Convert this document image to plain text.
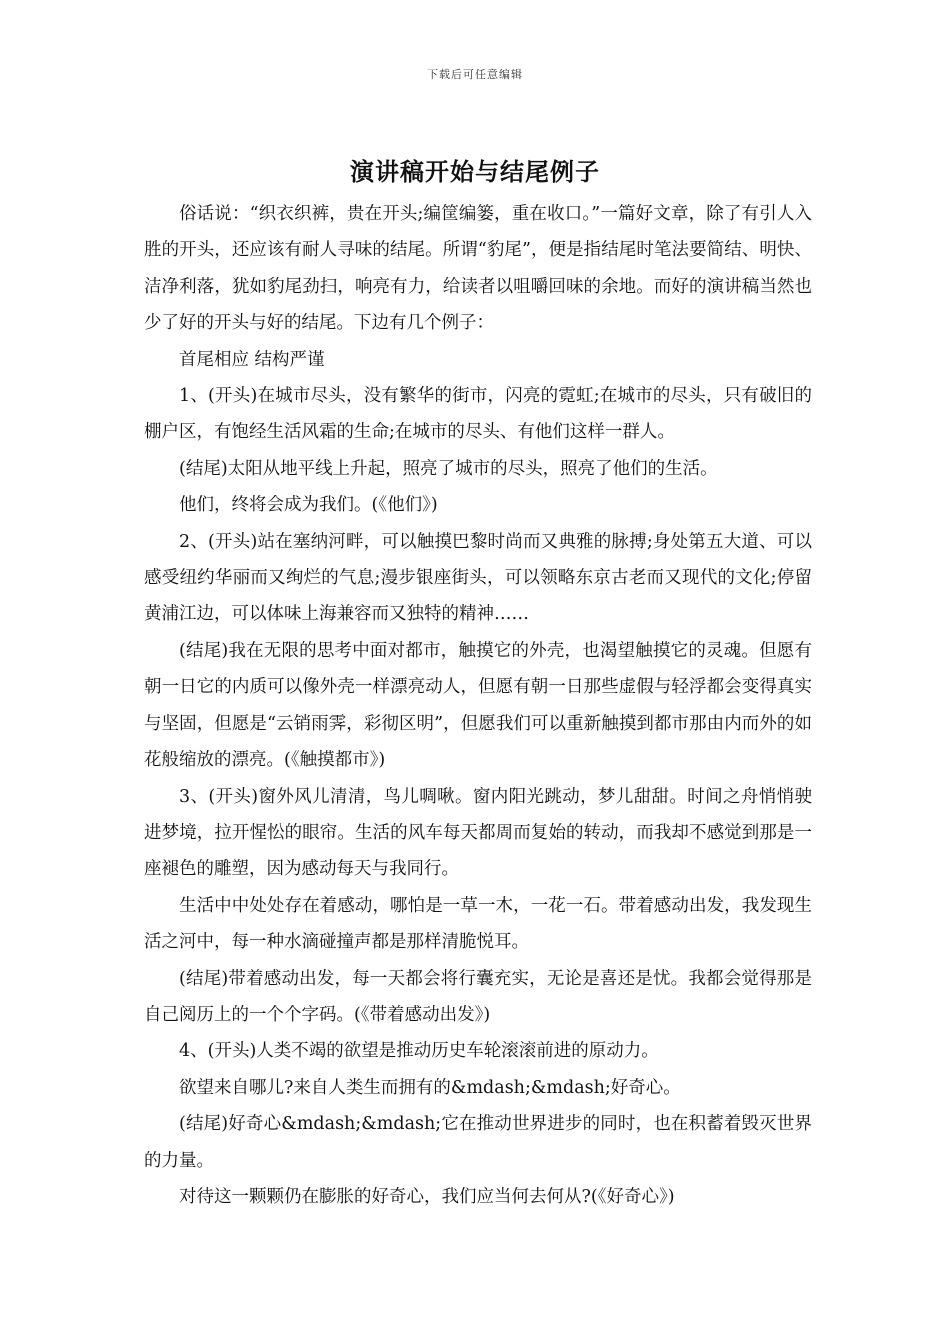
下载后可任意编辑
演讲稿开始与结尾例子

俗话说：“织衣织裤，贵在开头;编筐编篓，重在收口。”一篇好文章，除了有引人入胜的开头，还应该有耐人寻味的结尾。所谓“豹尾”，便是指结尾时笔法要简结、明快、洁净利落，犹如豹尾劲扫，响亮有力，给读者以咀嚼回味的余地。而好的演讲稿当然也少了好的开头与好的结尾。下边有几个例子：

首尾相应 结构严谨

1、(开头)在城市尽头，没有繁华的街市，闪亮的霓虹;在城市的尽头，只有破旧的棚户区，有饱经生活风霜的生命;在城市的尽头、有他们这样一群人。

(结尾)太阳从地平线上升起，照亮了城市的尽头，照亮了他们的生活。

他们，终将会成为我们。(《他们》)

2、(开头)站在塞纳河畔，可以触摸巴黎时尚而又典雅的脉搏;身处第五大道、可以感受纽约华丽而又绚烂的气息;漫步银座街头，可以领略东京古老而又现代的文化;停留黄浦江边，可以体味上海兼容而又独特的精神……

(结尾)我在无限的思考中面对都市，触摸它的外壳，也渴望触摸它的灵魂。但愿有朝一日它的内质可以像外壳一样漂亮动人，但愿有朝一日那些虚假与轻浮都会变得真实与坚固，但愿是“云销雨霁，彩彻区明”，但愿我们可以重新触摸到都市那由内而外的如花般缩放的漂亮。(《触摸都市》)

3、(开头)窗外风儿清清，鸟儿啁啾。窗内阳光跳动，梦儿甜甜。时间之舟悄悄驶进梦境，拉开惺忪的眼帘。生活的风车每天都周而复始的转动，而我却不感觉到那是一座褪色的雕塑，因为感动每天与我同行。

生活中中处处存在着感动，哪怕是一草一木，一花一石。带着感动出发，我发现生活之河中，每一种水滴碰撞声都是那样清脆悦耳。

(结尾)带着感动出发，每一天都会将行囊充实，无论是喜还是忧。我都会觉得那是自己阅历上的一个个字码。(《带着感动出发》)

4、(开头)人类不竭的欲望是推动历史车轮滚滚前进的原动力。

欲望来自哪儿?来自人类生而拥有的&mdash;&mdash;好奇心。

(结尾)好奇心&mdash;&mdash;它在推动世界进步的同时，也在积蓄着毁灭世界的力量。

对待这一颗颗仍在膨胀的好奇心，我们应当何去何从?(《好奇心》)
